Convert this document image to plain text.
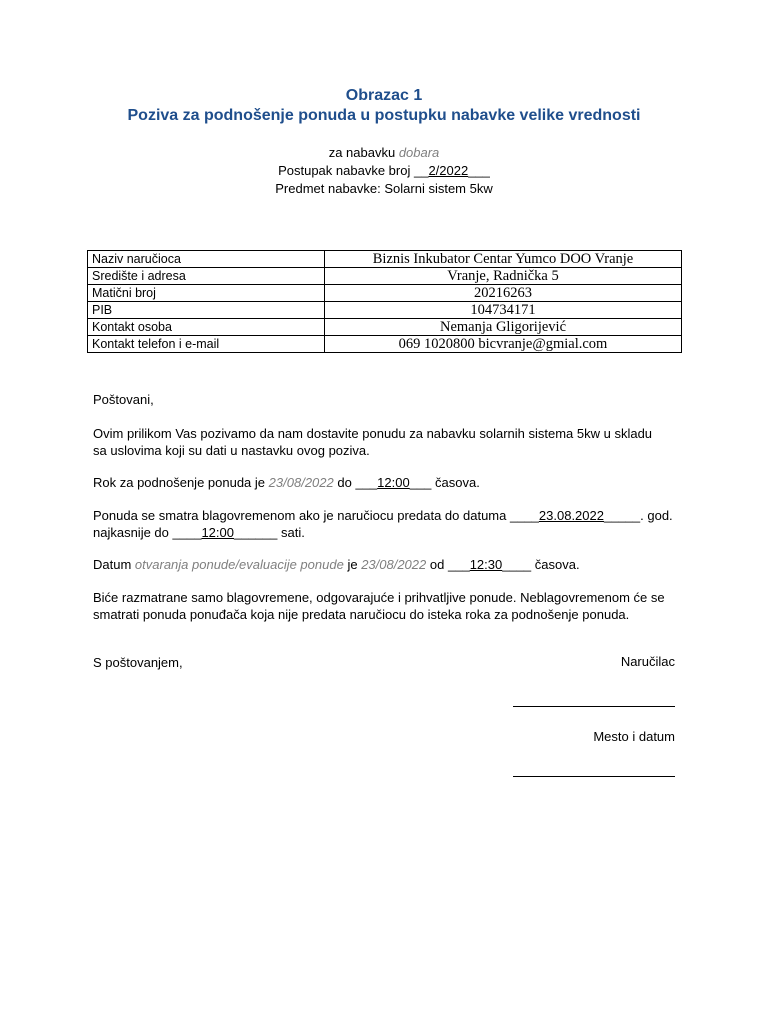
Obrazac 1
Poziva za podnošenje ponuda u postupku nabavke velike vrednosti
za nabavku dobara
Postupak nabavke broj __2/2022___
Predmet nabavke: Solarni sistem 5kw
Naziv naručioca	Biznis Inkubator Centar Yumco DOO Vranje
Središte i adresa	Vranje, Radnička 5
Matični broj	20216263
PIB	104734171
Kontakt osoba	Nemanja Gligorijević
Kontakt telefon i e-mail	069 1020800 bicvranje@gmial.com
Poštovani,
Ovim prilikom Vas pozivamo da nam dostavite ponudu za nabavku solarnih sistema 5kw u skladu
sa uslovima koji su dati u nastavku ovog poziva.
Rok za podnošenje ponuda je 23/08/2022 do ___12:00___ časova.
Ponuda se smatra blagovremenom ako je naručiocu predata do datuma ____23.08.2022_____. god.
najkasnije do ____12:00______ sati.
Datum otvaranja ponude/evaluacije ponude je 23/08/2022 od ___12:30____ časova.
Biće razmatrane samo blagovremene, odgovarajuće i prihvatljive ponude. Neblagovremenom će se
smatrati ponuda ponuđača koja nije predata naručiocu do isteka roka za podnošenje ponuda.
S poštovanjem,	Naručilac
Mesto i datum
